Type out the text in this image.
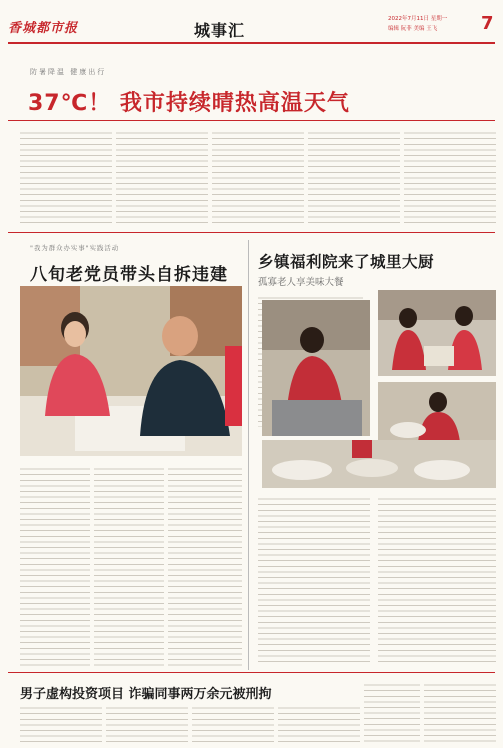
香城都市报	城事汇
2022年7月11日 星期一
编辑 阮菲 美编 王飞 7
防暑降温 健康出行
37℃！ 我市持续晴热高温天气
"我为群众办实事"实践活动
八旬老党员带头自拆违建
乡镇福利院来了城里大厨
孤寡老人享美味大餐
男子虚构投资项目 诈骗同事两万余元被刑拘
